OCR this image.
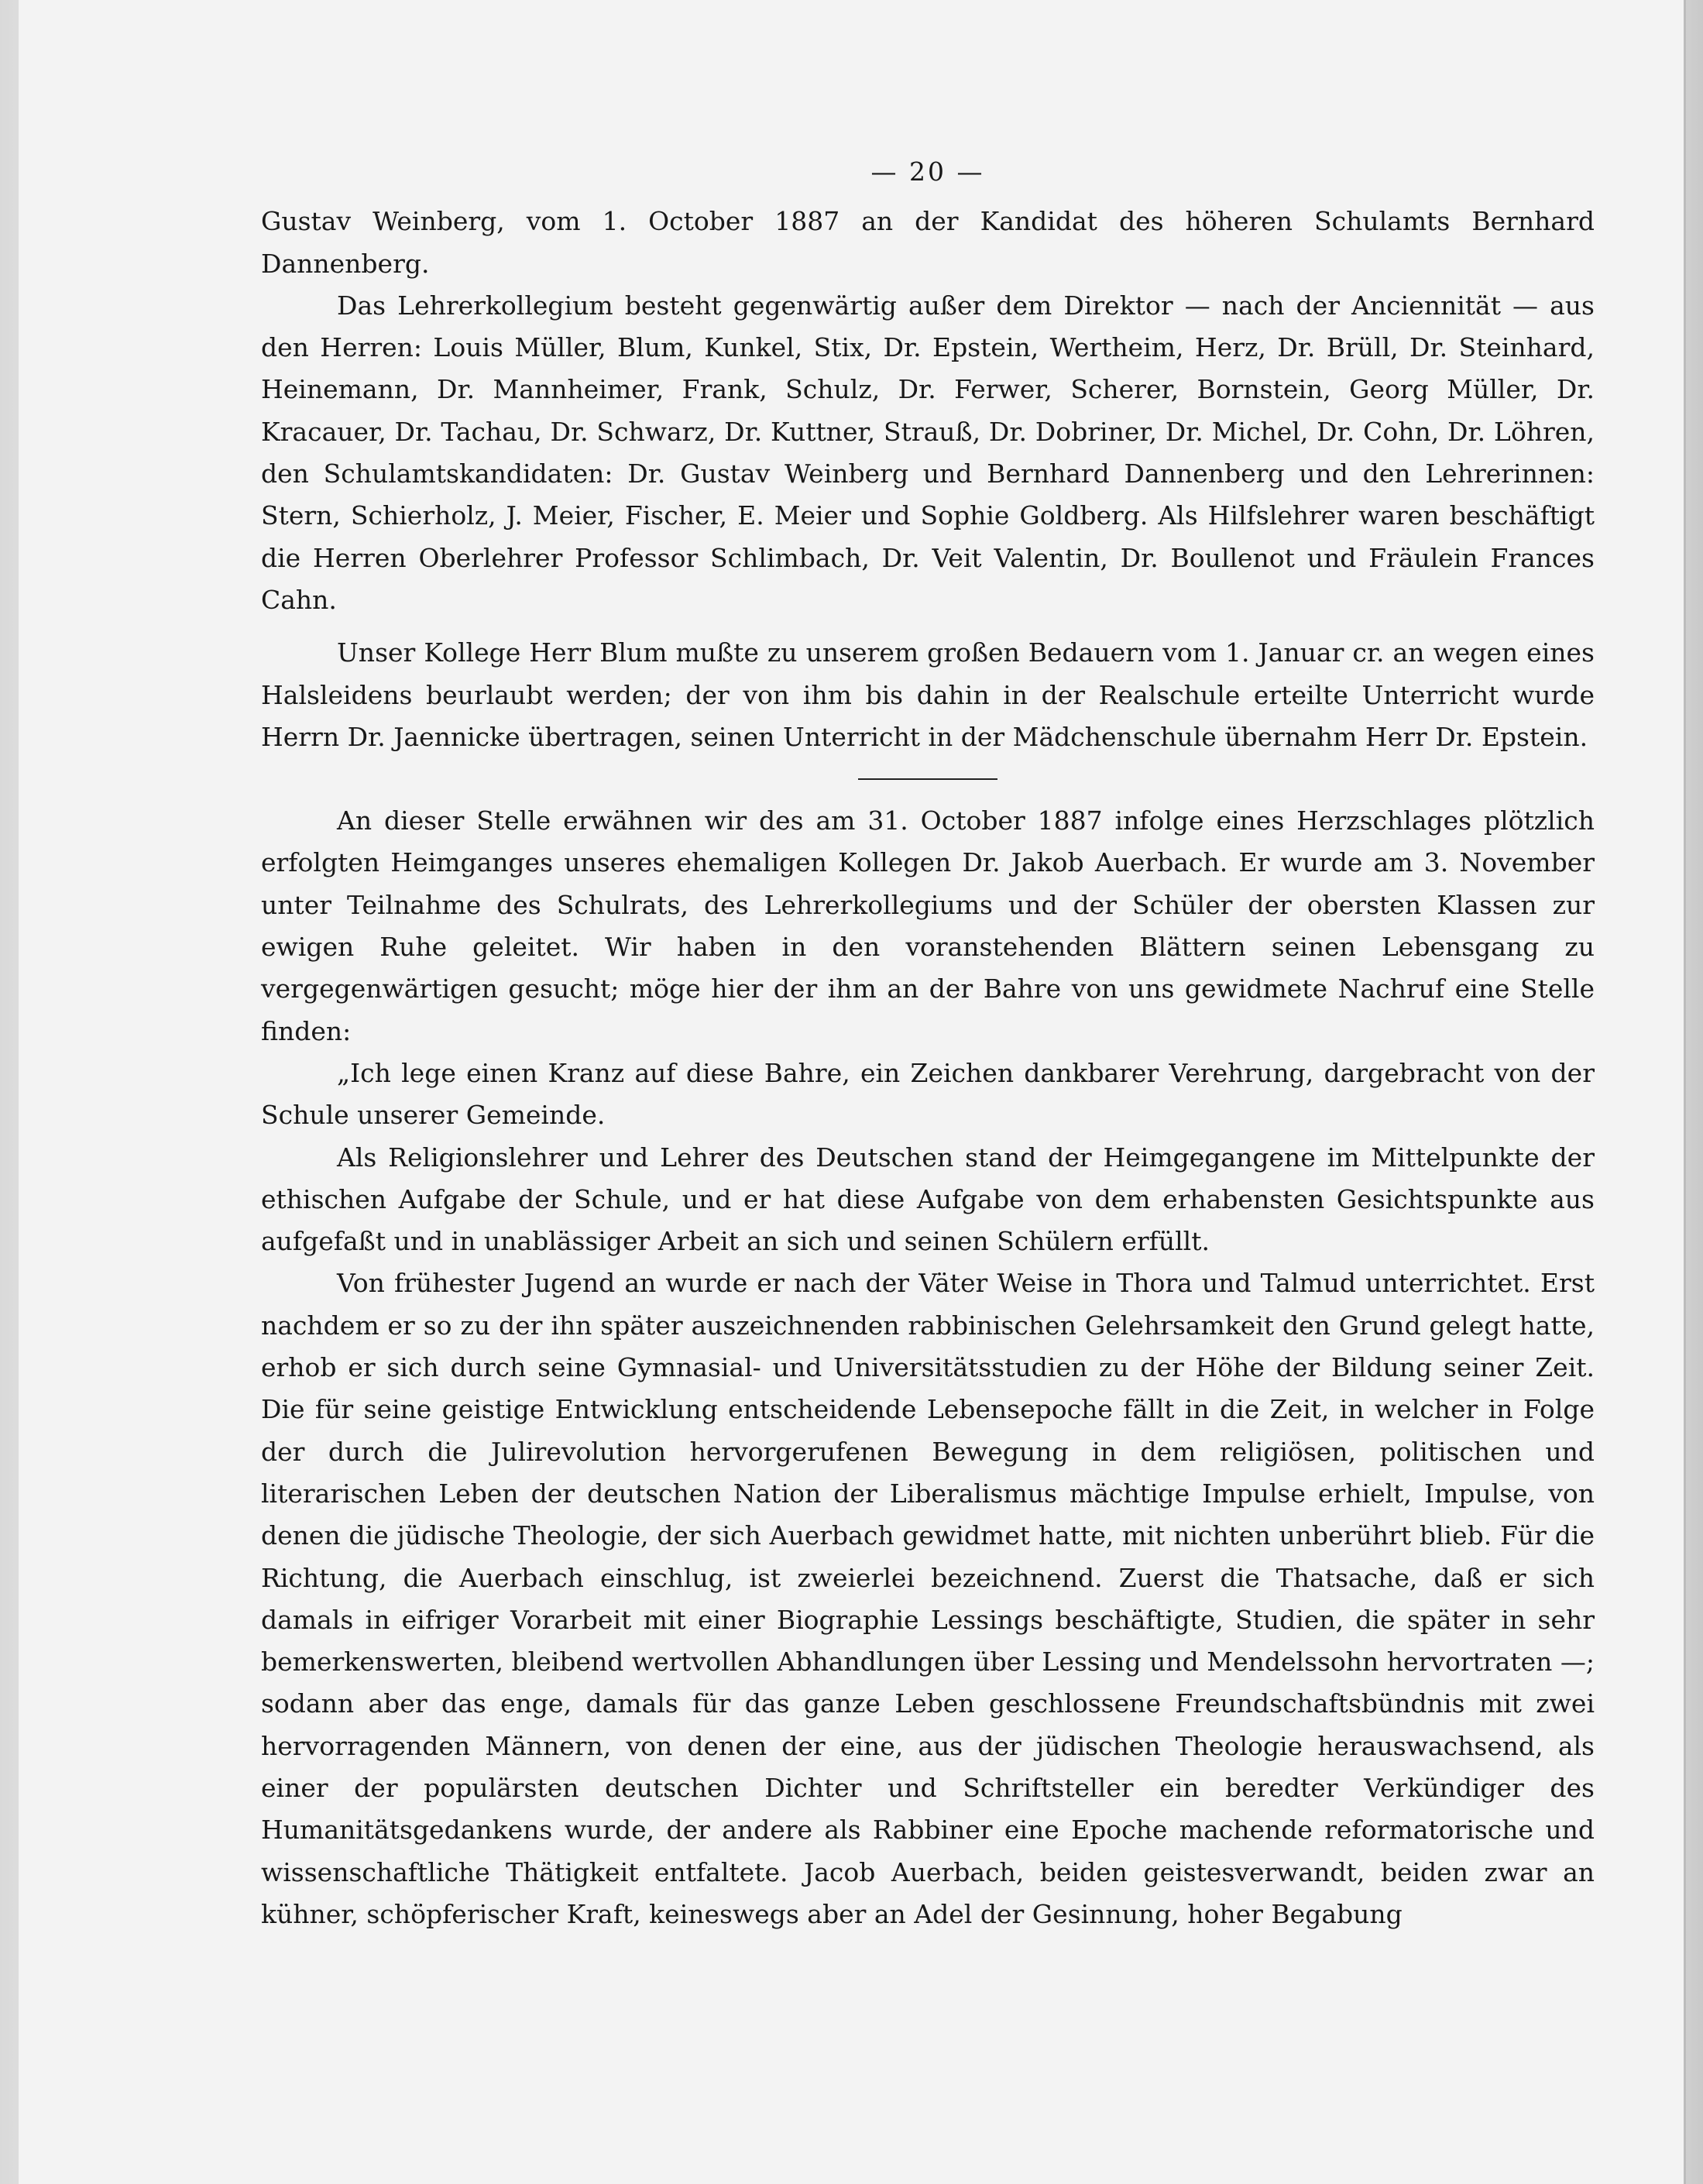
— 20 —

Gustav Weinberg, vom 1. October 1887 an der Kandidat des höheren Schulamts Bernhard Dannenberg.

Das Lehrerkollegium besteht gegenwärtig außer dem Direktor — nach der Anciennität — aus den Herren: Louis Müller, Blum, Kunkel, Stix, Dr. Epstein, Wertheim, Herz, Dr. Brüll, Dr. Steinhard, Heinemann, Dr. Mannheimer, Frank, Schulz, Dr. Ferwer, Scherer, Bornstein, Georg Müller, Dr. Kracauer, Dr. Tachau, Dr. Schwarz, Dr. Kuttner, Strauß, Dr. Dobriner, Dr. Michel, Dr. Cohn, Dr. Löhren, den Schulamtskandidaten: Dr. Gustav Weinberg und Bernhard Dannenberg und den Lehrerinnen: Stern, Schierholz, J. Meier, Fischer, E. Meier und Sophie Goldberg. Als Hilfslehrer waren beschäftigt die Herren Oberlehrer Professor Schlimbach, Dr. Veit Valentin, Dr. Boullenot und Fräulein Frances Cahn.

Unser Kollege Herr Blum mußte zu unserem großen Bedauern vom 1. Januar cr. an wegen eines Halsleidens beurlaubt werden; der von ihm bis dahin in der Realschule erteilte Unterricht wurde Herrn Dr. Jaennicke übertragen, seinen Unterricht in der Mädchenschule übernahm Herr Dr. Epstein.

An dieser Stelle erwähnen wir des am 31. October 1887 infolge eines Herzschlages plötzlich erfolgten Heimganges unseres ehemaligen Kollegen Dr. Jakob Auerbach. Er wurde am 3. November unter Teilnahme des Schulrats, des Lehrerkollegiums und der Schüler der obersten Klassen zur ewigen Ruhe geleitet. Wir haben in den voranstehenden Blättern seinen Lebensgang zu vergegenwärtigen gesucht; möge hier der ihm an der Bahre von uns gewidmete Nachruf eine Stelle finden:

„Ich lege einen Kranz auf diese Bahre, ein Zeichen dankbarer Verehrung, dargebracht von der Schule unserer Gemeinde.

Als Religionslehrer und Lehrer des Deutschen stand der Heimgegangene im Mittelpunkte der ethischen Aufgabe der Schule, und er hat diese Aufgabe von dem erhabensten Gesichtspunkte aus aufgefaßt und in unablässiger Arbeit an sich und seinen Schülern erfüllt.

Von frühester Jugend an wurde er nach der Väter Weise in Thora und Talmud unterrichtet. Erst nachdem er so zu der ihn später auszeichnenden rabbinischen Gelehrsamkeit den Grund gelegt hatte, erhob er sich durch seine Gymnasial- und Universitätsstudien zu der Höhe der Bildung seiner Zeit. Die für seine geistige Entwicklung entscheidende Lebensepoche fällt in die Zeit, in welcher in Folge der durch die Julirevolution hervorgerufenen Bewegung in dem religiösen, politischen und literarischen Leben der deutschen Nation der Liberalismus mächtige Impulse erhielt, Impulse, von denen die jüdische Theologie, der sich Auerbach gewidmet hatte, mit nichten unberührt blieb. Für die Richtung, die Auerbach einschlug, ist zweierlei bezeichnend. Zuerst die Thatsache, daß er sich damals in eifriger Vorarbeit mit einer Biographie Lessings beschäftigte, Studien, die später in sehr bemerkenswerten, bleibend wertvollen Abhandlungen über Lessing und Mendelssohn hervortraten —; sodann aber das enge, damals für das ganze Leben geschlossene Freundschaftsbündnis mit zwei hervorragenden Männern, von denen der eine, aus der jüdischen Theologie herauswachsend, als einer der populärsten deutschen Dichter und Schriftsteller ein beredter Verkündiger des Humanitätsgedankens wurde, der andere als Rabbiner eine Epoche machende reformatorische und wissenschaftliche Thätigkeit entfaltete. Jacob Auerbach, beiden geistesverwandt, beiden zwar an kühner, schöpferischer Kraft, keineswegs aber an Adel der Gesinnung, hoher Begabung
